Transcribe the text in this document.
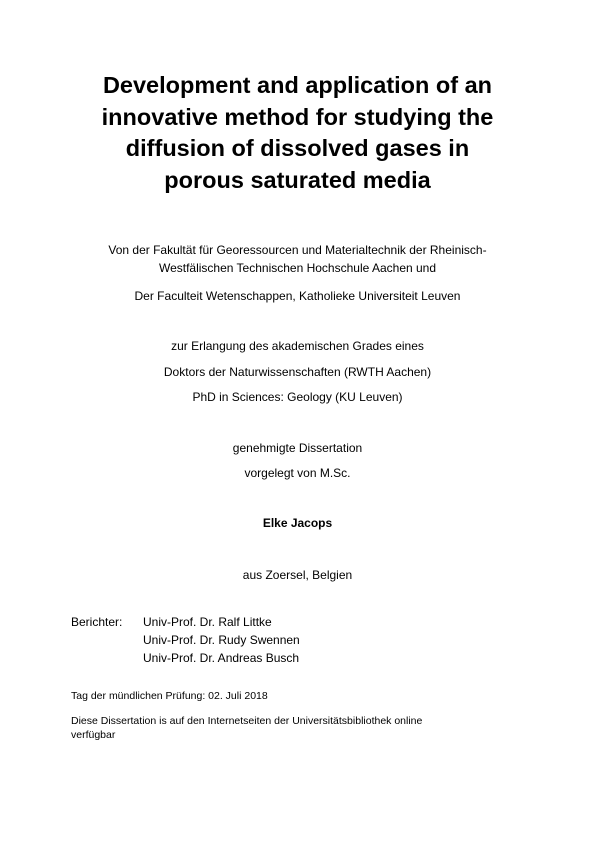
Development and application of an
innovative method for studying the
diffusion of dissolved gases in
porous saturated media

Von der Fakultät für Georessourcen und Materialtechnik der Rheinisch-

Westfälischen Technischen Hochschule Aachen und

Der Faculteit Wetenschappen, Katholieke Universiteit Leuven

zur Erlangung des akademischen Grades eines

Doktors der Naturwissenschaften (RWTH Aachen)

PhD in Sciences: Geology (KU Leuven)

genehmigte Dissertation

vorgelegt von M.Sc.

Elke Jacops

aus Zoersel, Belgien

Berichter: Univ-Prof. Dr. Ralf Littke

Univ-Prof. Dr. Rudy Swennen

Univ-Prof. Dr. Andreas Busch

Tag der mündlichen Prüfung: 02. Juli 2018

Diese Dissertation is auf den Internetseiten der Universitätsbibliothek online

verfügbar
